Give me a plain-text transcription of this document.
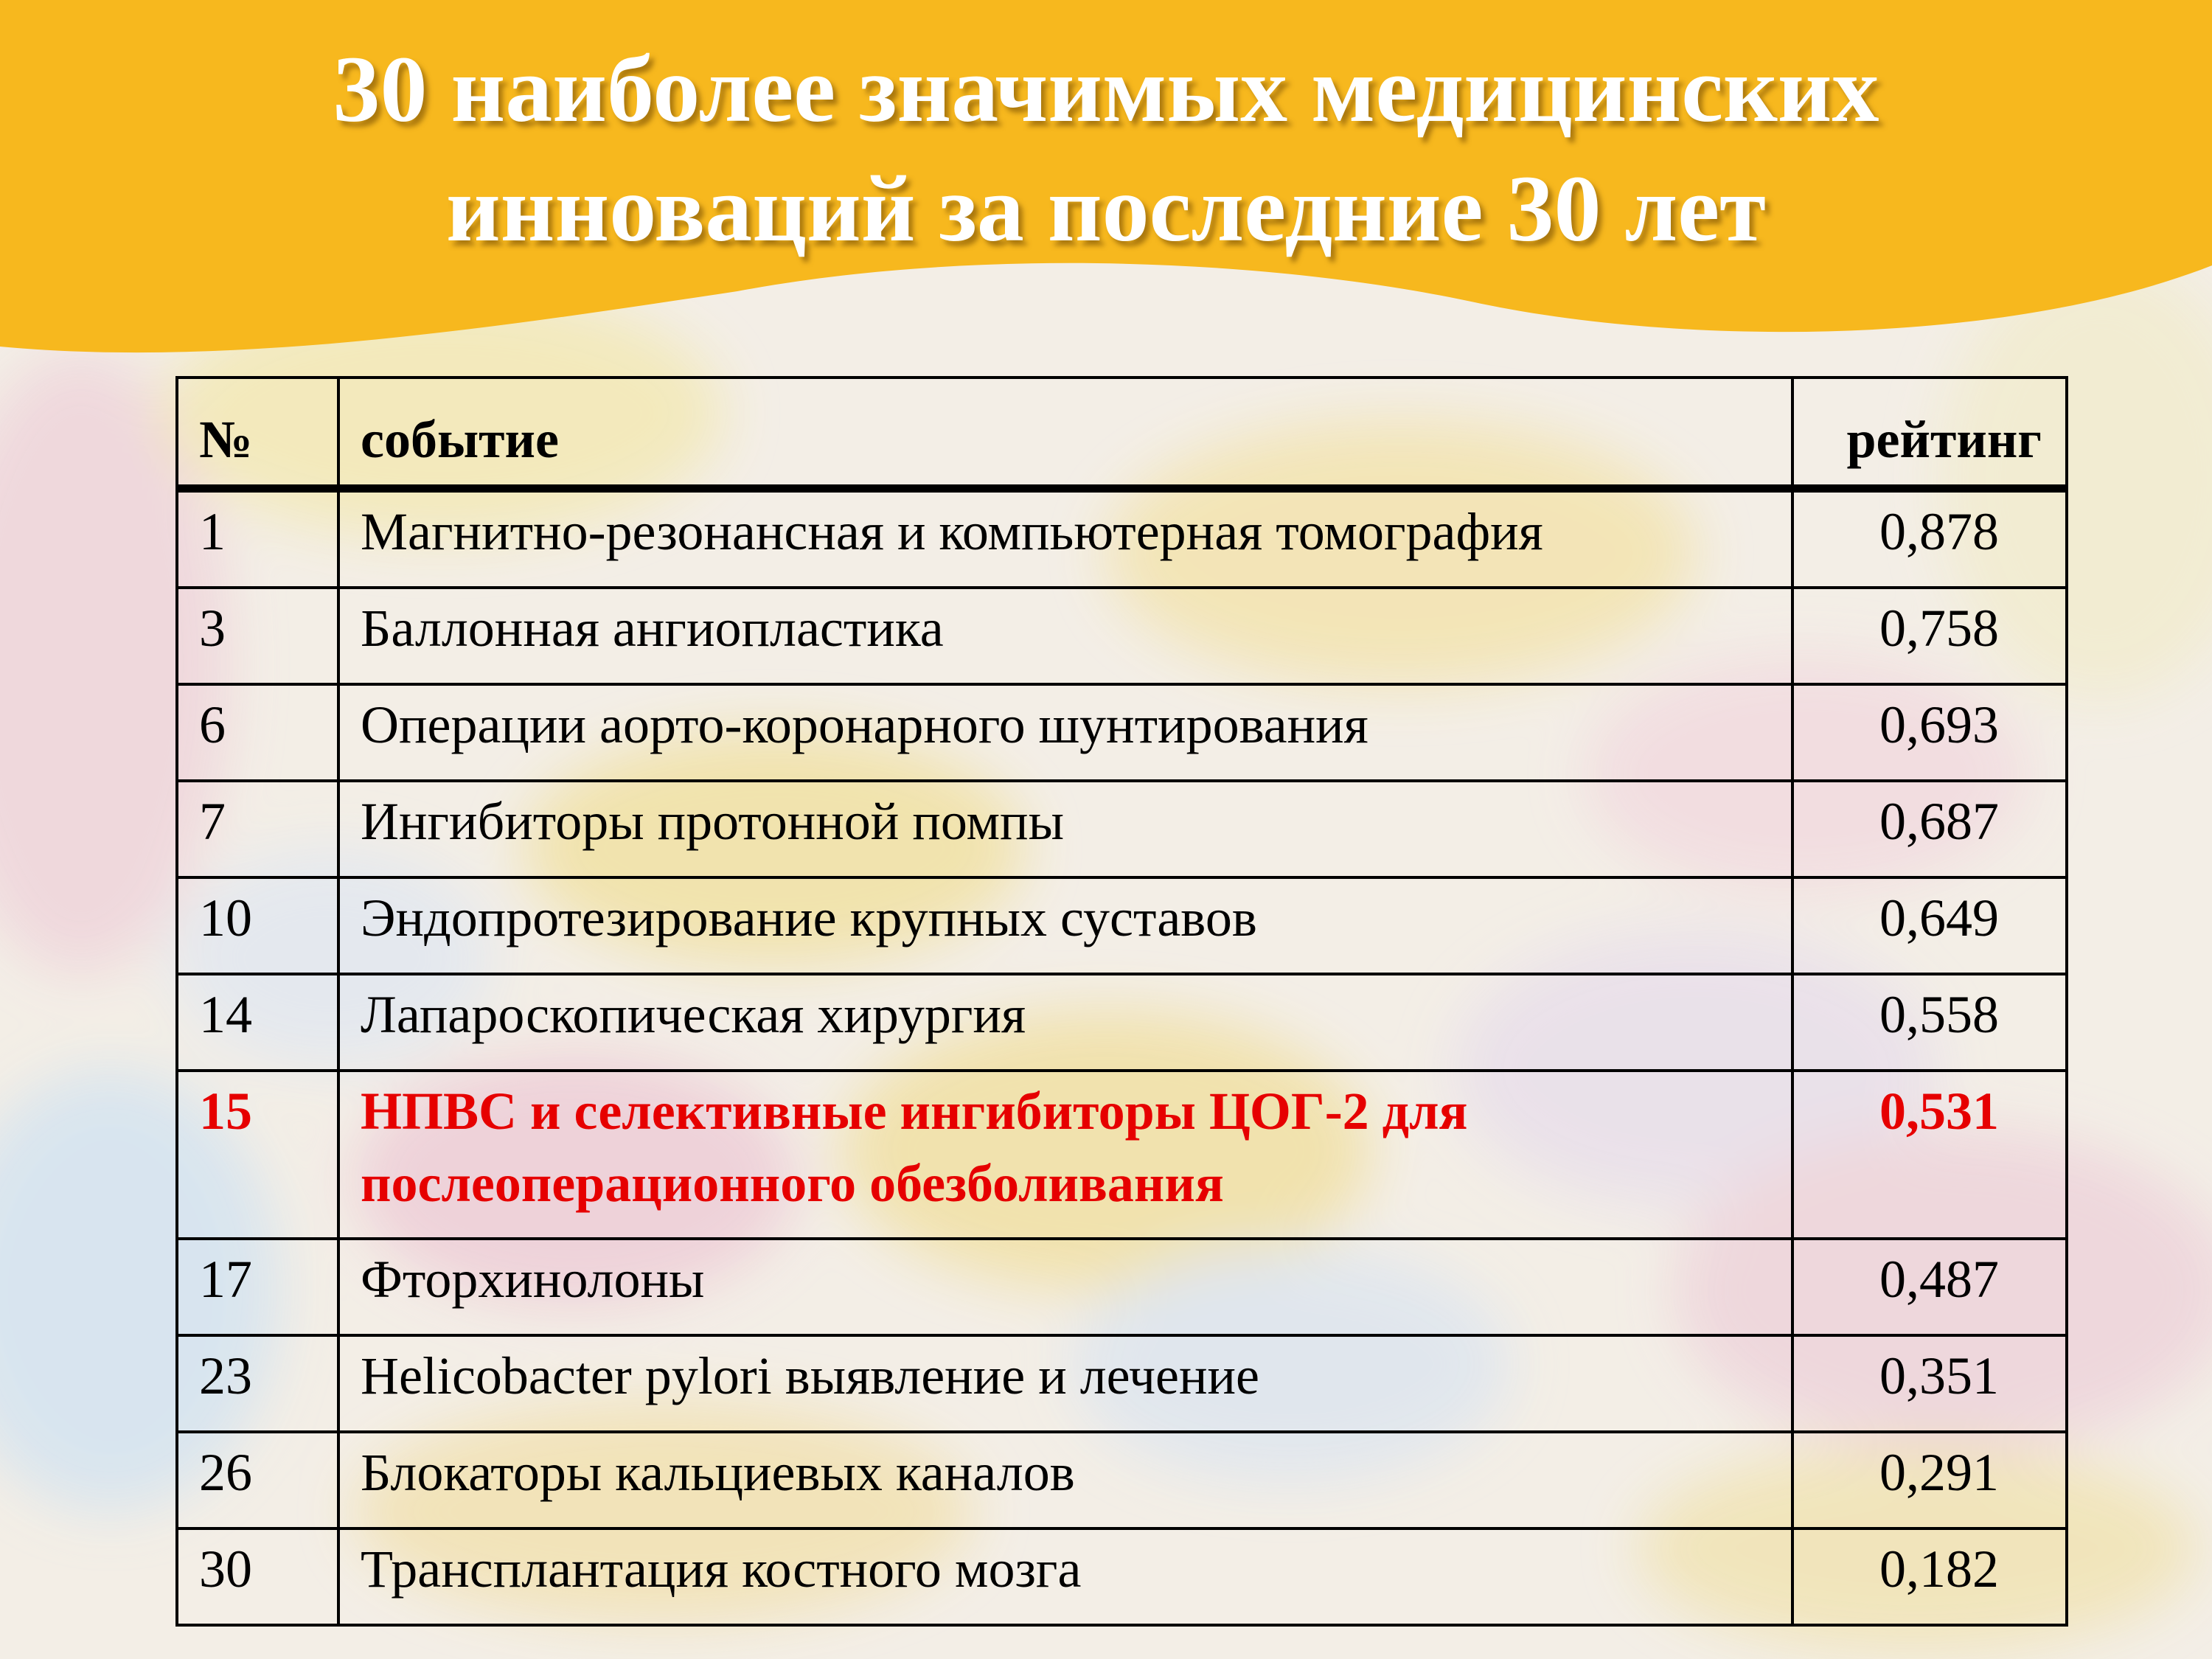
30 наиболее значимых медицинских
инноваций за последние 30 лет
№	событие	рейтинг
1	Магнитно-резонансная и компьютерная томография	0,878
3	Баллонная ангиопластика	0,758
6	Операции аорто-коронарного шунтирования	0,693
7	Ингибиторы протонной помпы	0,687
10	Эндопротезирование крупных суставов	0,649
14	Лапароскопическая хирургия	0,558
15	НПВС и селективные ингибиторы ЦОГ-2 для послеоперационного обезболивания	0,531
17	Фторхинолоны	0,487
23	Helicobacter pylori выявление и лечение	0,351
26	Блокаторы кальциевых каналов	0,291
30	Трансплантация костного мозга	0,182
